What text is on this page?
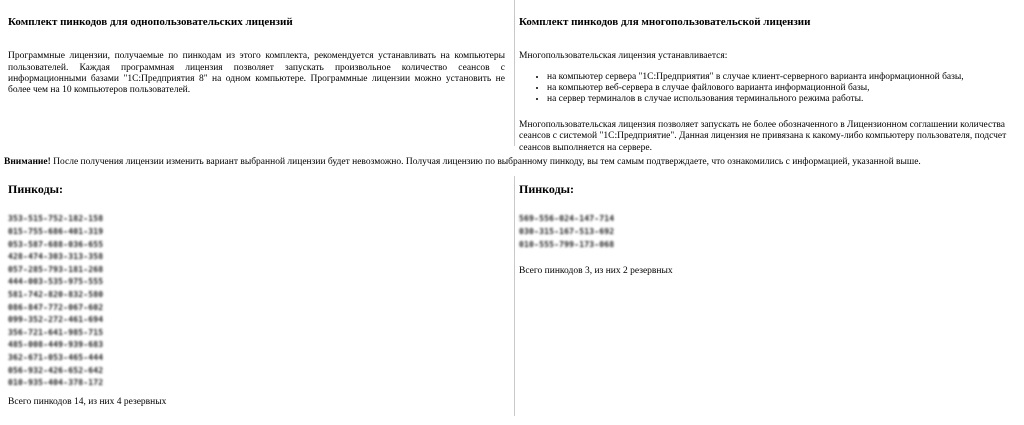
Комплект пинкодов для однопользовательских лицензий

Программные лицензии, получаемые по пинкодам из этого комплекта, рекомендуется устанавливать на компьютеры пользователей. Каждая программная лицензия позволяет запускать произвольное количество сеансов с информационными базами "1С:Предприятия 8" на одном компьютере. Программные лицензии можно установить не более чем на 10 компьютеров пользователей.

Комплект пинкодов для многопользовательской лицензии

Многопользовательская лицензия устанавливается:

• на компьютер сервера "1С:Предприятия" в случае клиент-серверного варианта информационной базы,
• на компьютер веб-сервера в случае файлового варианта информационной базы,
• на сервер терминалов в случае использования терминального режима работы.

Многопользовательская лицензия позволяет запускать не более обозначенного в Лицензионном соглашении количества сеансов с системой "1С:Предприятие". Данная лицензия не привязана к какому-либо компьютеру пользователя, подсчет сеансов выполняется на сервере.

Внимание! После получения лицензии изменить вариант выбранной лицензии будет невозможно. Получая лицензию по выбранному пинкоду, вы тем самым подтверждаете, что ознакомились с информацией, указанной выше.
Пинкоды:
353-515-752-182-158
015-755-686-401-319
053-587-688-036-655
428-474-303-313-358
057-285-793-181-268
444-003-535-975-555
581-742-820-832-580
086-847-772-067-602
099-352-272-461-694
356-721-641-985-715
485-008-449-939-683
362-671-053-465-444
056-932-426-652-642
010-935-404-378-172

Всего пинкодов 14, из них 4 резервных

Пинкоды:
569-556-024-147-714
030-315-167-513-692
010-555-799-173-068

Всего пинкодов 3, из них 2 резервных
